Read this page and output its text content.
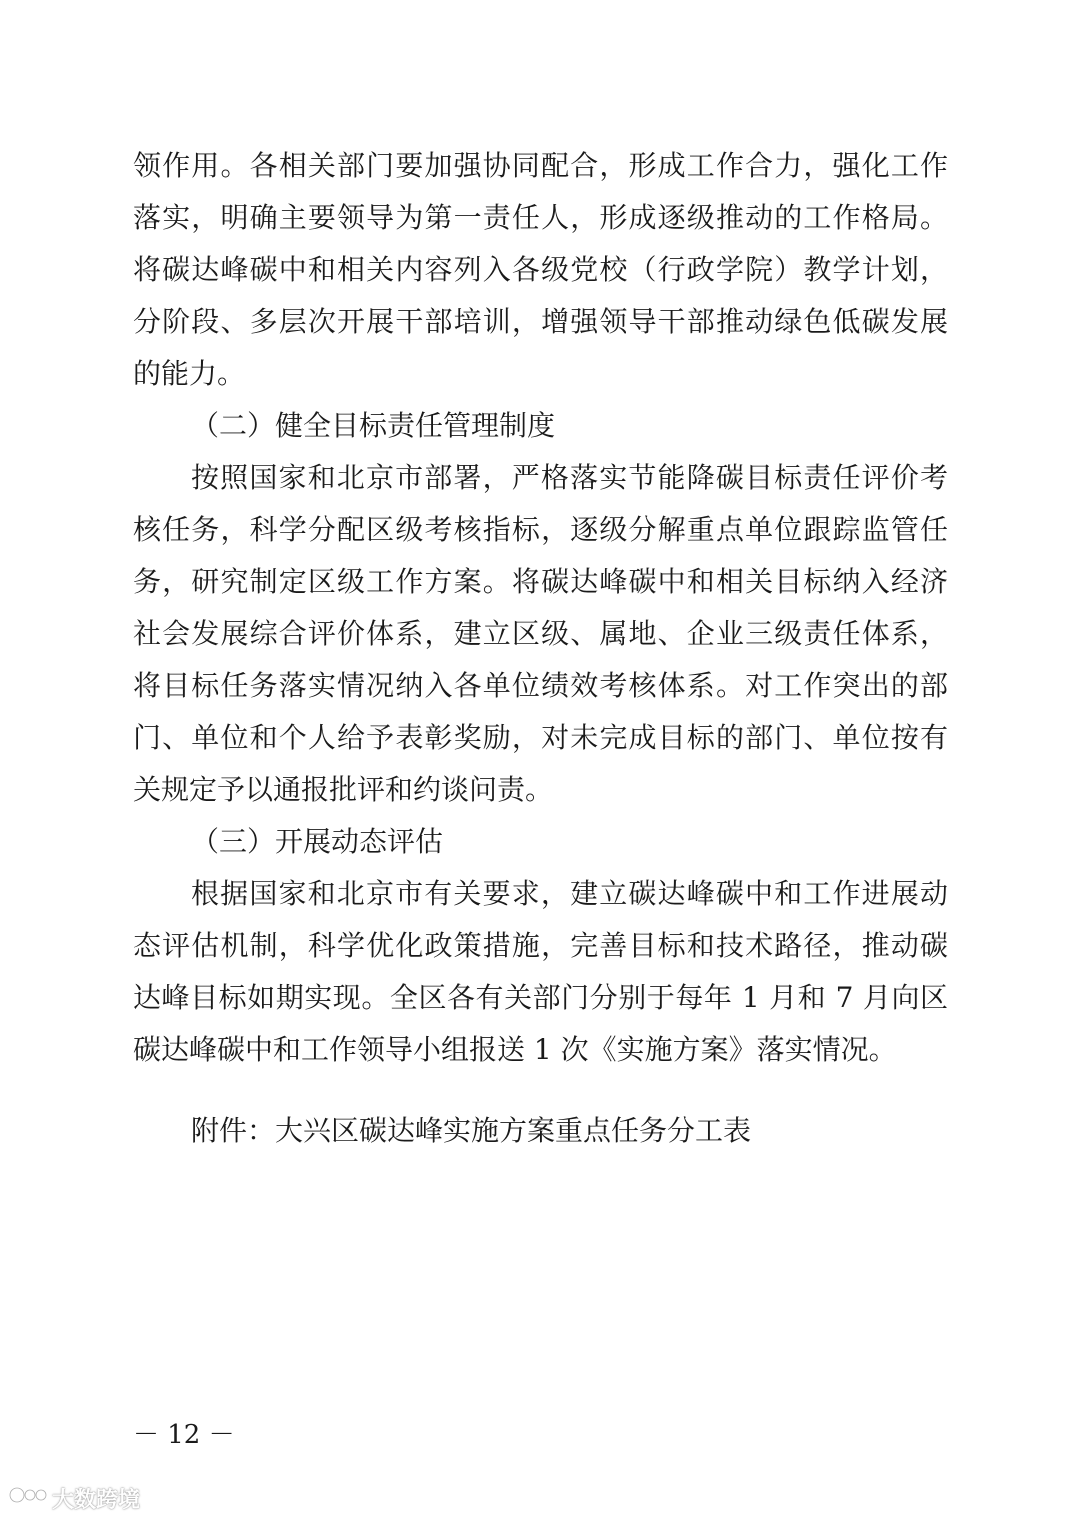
领作用。各相关部门要加强协同配合，形成工作合力，强化工作
落实，明确主要领导为第一责任人，形成逐级推动的工作格局。
将碳达峰碳中和相关内容列入各级党校（行政学院）教学计划，
分阶段、多层次开展干部培训，增强领导干部推动绿色低碳发展
的能力。
（二）健全目标责任管理制度
按照国家和北京市部署，严格落实节能降碳目标责任评价考
核任务，科学分配区级考核指标，逐级分解重点单位跟踪监管任
务，研究制定区级工作方案。将碳达峰碳中和相关目标纳入经济
社会发展综合评价体系，建立区级、属地、企业三级责任体系，
将目标任务落实情况纳入各单位绩效考核体系。对工作突出的部
门、单位和个人给予表彰奖励，对未完成目标的部门、单位按有
关规定予以通报批评和约谈问责。
（三）开展动态评估
根据国家和北京市有关要求，建立碳达峰碳中和工作进展动
态评估机制，科学优化政策措施，完善目标和技术路径，推动碳
达峰目标如期实现。全区各有关部门分别于每年 1 月和 7 月向区
碳达峰碳中和工作领导小组报送 1 次《实施方案》落实情况。
附件：大兴区碳达峰实施方案重点任务分工表
－ 12 －
大数跨境
